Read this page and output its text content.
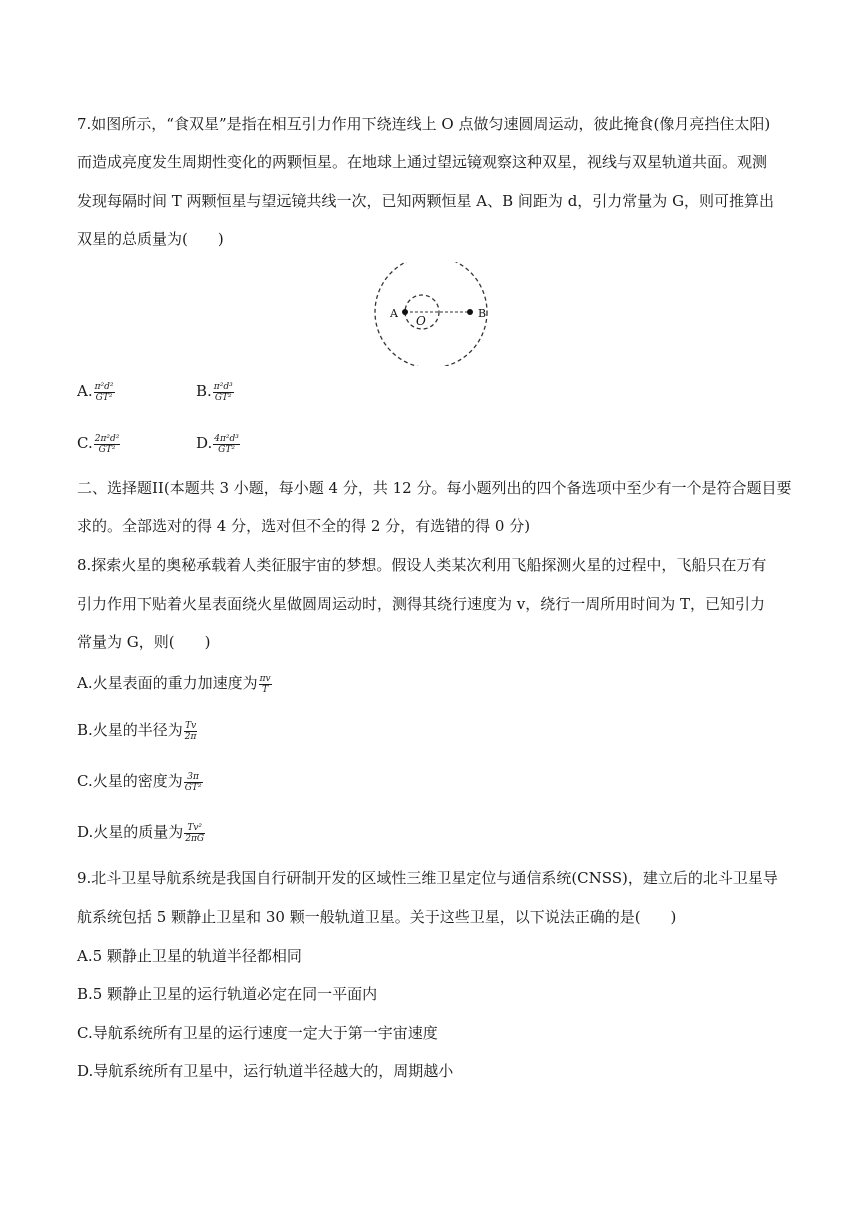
7.如图所示，“食双星”是指在相互引力作用下绕连线上 O 点做匀速圆周运动，彼此掩食(像月亮挡住太阳)
而造成亮度发生周期性变化的两颗恒星。在地球上通过望远镜观察这种双星，视线与双星轨道共面。观测
发现每隔时间 T 两颗恒星与望远镜共线一次，已知两颗恒星 A、B 间距为 d，引力常量为 G，则可推算出
双星的总质量为(　　)
A
O
B
A. $\frac{\text{π²d²}}{\text{GT²}}$	B. $\frac{\text{π²d³}}{\text{GT²}}$
C. $\frac{\text{2π²d²}}{\text{GT²}}$	D. $\frac{\text{4π²d³}}{\text{GT²}}$
二、选择题II(本题共 3 小题，每小题 4 分，共 12 分。每小题列出的四个备选项中至少有一个是符合题目要
求的。全部选对的得 4 分，选对但不全的得 2 分，有选错的得 0 分)
8.探索火星的奥秘承载着人类征服宇宙的梦想。假设人类某次利用飞船探测火星的过程中，飞船只在万有
引力作用下贴着火星表面绕火星做圆周运动时，测得其绕行速度为 v，绕行一周所用时间为 T，已知引力
常量为 G，则(　　)
A.火星表面的重力加速度为 $\frac{\pi v}{T}$
B.火星的半径为 $\frac{Tv}{2\pi}$
C.火星的密度为 $\frac{3\pi}{\text{GT²}}$
D.火星的质量为 $\frac{\text{Tv²}}{2\pi G}$
9.北斗卫星导航系统是我国自行研制开发的区域性三维卫星定位与通信系统(CNSS)，建立后的北斗卫星导
航系统包括 5 颗静止卫星和 30 颗一般轨道卫星。关于这些卫星，以下说法正确的是(　　)
A.5 颗静止卫星的轨道半径都相同
B.5 颗静止卫星的运行轨道必定在同一平面内
C.导航系统所有卫星的运行速度一定大于第一宇宙速度
D.导航系统所有卫星中，运行轨道半径越大的，周期越小
